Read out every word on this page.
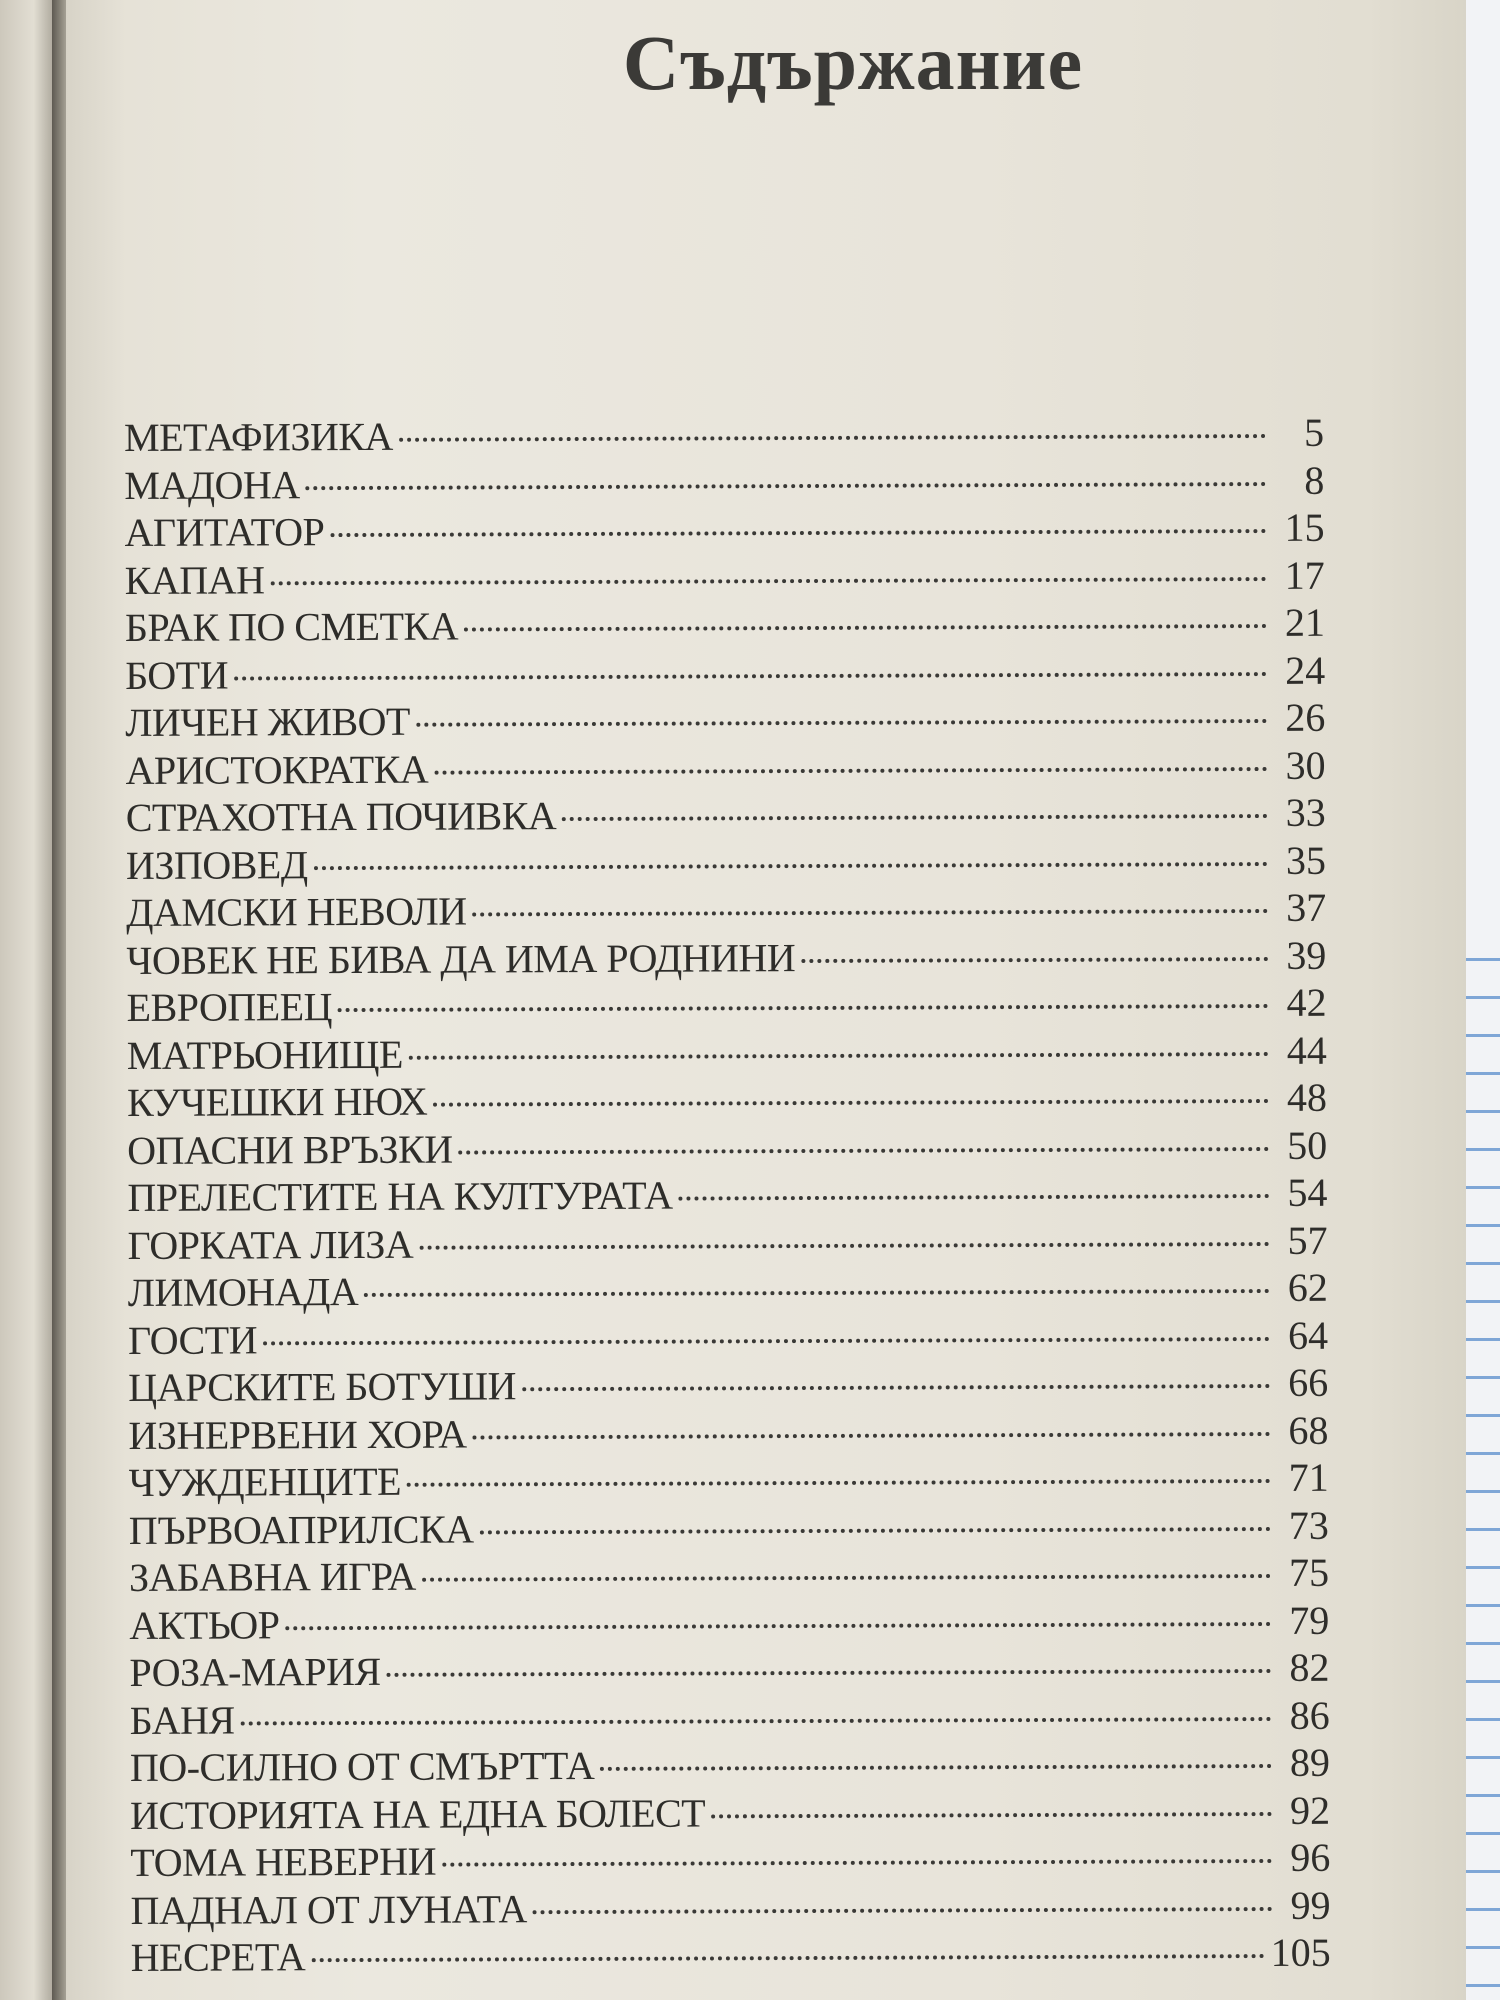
Съдържание
МЕТАФИЗИКА	5
МАДОНА	8
АГИТАТОР	15
КАПАН	17
БРАК ПО СМЕТКА	21
БОТИ	24
ЛИЧЕН ЖИВОТ	26
АРИСТОКРАТКА	30
СТРАХОТНА ПОЧИВКА	33
ИЗПОВЕД	35
ДАМСКИ НЕВОЛИ	37
ЧОВЕК НЕ БИВА ДА ИМА РОДНИНИ	39
ЕВРОПЕЕЦ	42
МАТРЬОНИЩЕ	44
КУЧЕШКИ НЮХ	48
ОПАСНИ ВРЪЗКИ	50
ПРЕЛЕСТИТЕ НА КУЛТУРАТА	54
ГОРКАТА ЛИЗА	57
ЛИМОНАДА	62
ГОСТИ	64
ЦАРСКИТЕ БОТУШИ	66
ИЗНЕРВЕНИ ХОРА	68
ЧУЖДЕНЦИТЕ	71
ПЪРВОАПРИЛСКА	73
ЗАБАВНА ИГРА	75
АКТЬОР	79
РОЗА-МАРИЯ	82
БАНЯ	86
ПО-СИЛНО ОТ СМЪРТТА	89
ИСТОРИЯТА НА ЕДНА БОЛЕСТ	92
ТОМА НЕВЕРНИ	96
ПАДНАЛ ОТ ЛУНАТА	99
НЕСРЕТА	105
